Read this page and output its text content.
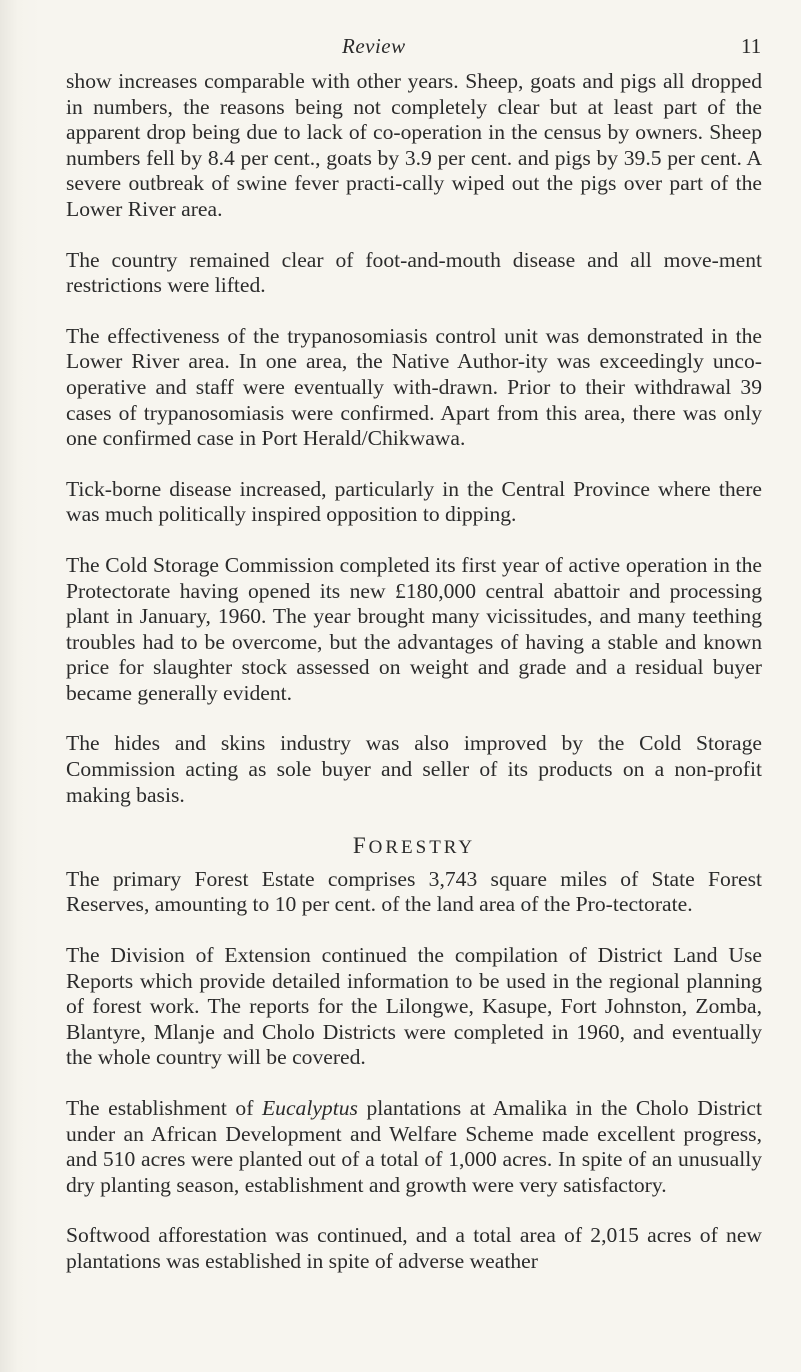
Review	11

show increases comparable with other years. Sheep, goats and pigs all dropped in numbers, the reasons being not completely clear but at least part of the apparent drop being due to lack of co-operation in the census by owners. Sheep numbers fell by 8.4 per cent., goats by 3.9 per cent. and pigs by 39.5 per cent. A severe outbreak of swine fever practi-cally wiped out the pigs over part of the Lower River area.

The country remained clear of foot-and-mouth disease and all move-ment restrictions were lifted.

The effectiveness of the trypanosomiasis control unit was demonstrated in the Lower River area. In one area, the Native Author-ity was exceedingly unco-operative and staff were eventually with-drawn. Prior to their withdrawal 39 cases of trypanosomiasis were confirmed. Apart from this area, there was only one confirmed case in Port Herald/Chikwawa.

Tick-borne disease increased, particularly in the Central Province where there was much politically inspired opposition to dipping.

The Cold Storage Commission completed its first year of active operation in the Protectorate having opened its new £180,000 central abattoir and processing plant in January, 1960. The year brought many vicissitudes, and many teething troubles had to be overcome, but the advantages of having a stable and known price for slaughter stock assessed on weight and grade and a residual buyer became generally evident.

The hides and skins industry was also improved by the Cold Storage Commission acting as sole buyer and seller of its products on a non-profit making basis.

FORESTRY

The primary Forest Estate comprises 3,743 square miles of State Forest Reserves, amounting to 10 per cent. of the land area of the Pro-tectorate.

The Division of Extension continued the compilation of District Land Use Reports which provide detailed information to be used in the regional planning of forest work. The reports for the Lilongwe, Kasupe, Fort Johnston, Zomba, Blantyre, Mlanje and Cholo Districts were completed in 1960, and eventually the whole country will be covered.

The establishment of Eucalyptus plantations at Amalika in the Cholo District under an African Development and Welfare Scheme made excellent progress, and 510 acres were planted out of a total of 1,000 acres. In spite of an unusually dry planting season, establishment and growth were very satisfactory.

Softwood afforestation was continued, and a total area of 2,015 acres of new plantations was established in spite of adverse weather
